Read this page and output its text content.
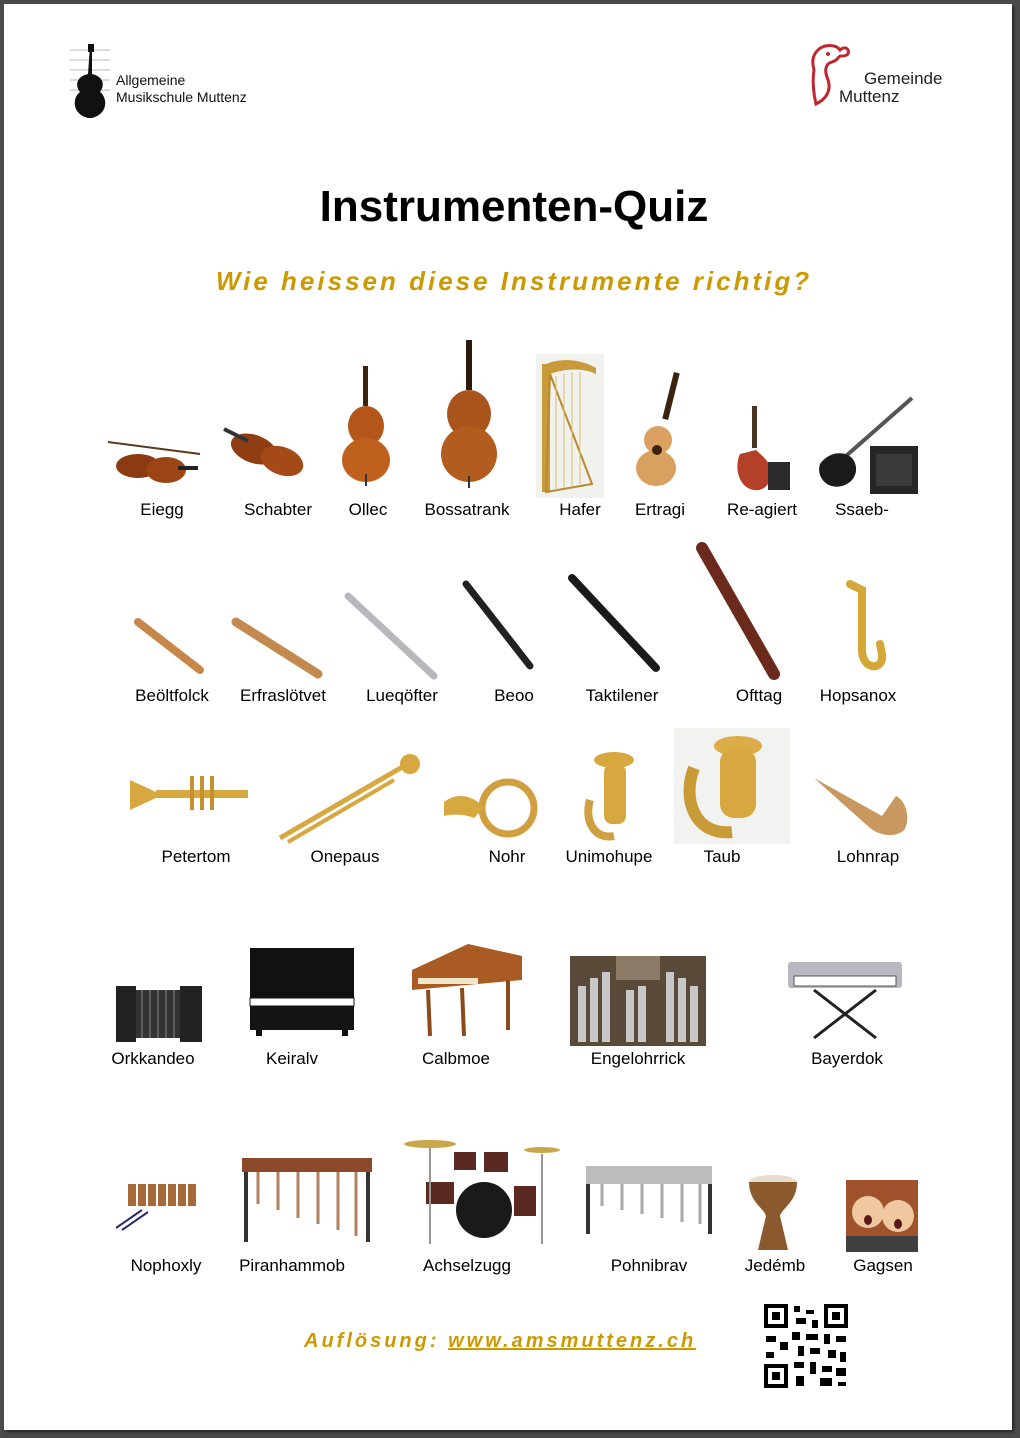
Allgemeine
Musikschule Muttenz
Gemeinde
Muttenz
Instrumenten-Quiz
Wie heissen diese Instrumente richtig?
Eiegg	Schabter Ollec Bossatrank	Hafer Ertragi Re-agiert Ssaeb-
Beöltfolck Erfraslötvet Lueqöfter	Beoo	Taktilener	Ofttag Hopsanox
Petertom	Onepaus	Nohr Unimohupe	Taub	Lohnrap
Orkkandeo	Keiralv	Calbmoe	Engelohrrick	Bayerdok
Nophoxly Piranhammob	Achselzugg	Pohnibrav	Jedémb	Gagsen
Auflösung: www.amsmuttenz.ch
